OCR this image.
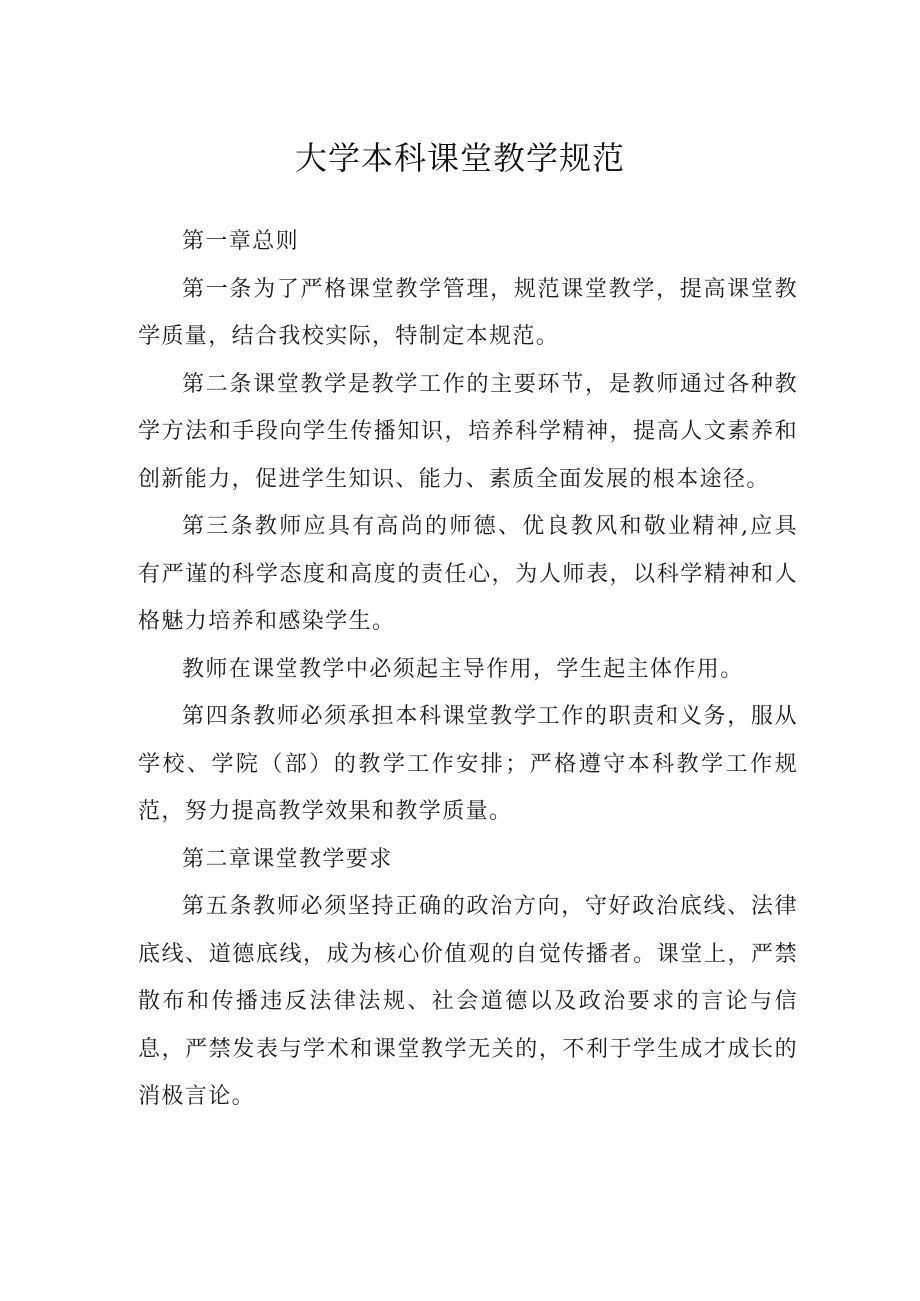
大学本科课堂教学规范

第一章总则

第一条为了严格课堂教学管理，规范课堂教学，提高课堂教学质量，结合我校实际，特制定本规范。

第二条课堂教学是教学工作的主要环节，是教师通过各种教学方法和手段向学生传播知识，培养科学精神，提高人文素养和创新能力，促进学生知识、能力、素质全面发展的根本途径。

第三条教师应具有高尚的师德、优良教风和敬业精神,应具有严谨的科学态度和高度的责任心，为人师表，以科学精神和人格魅力培养和感染学生。

教师在课堂教学中必须起主导作用，学生起主体作用。

第四条教师必须承担本科课堂教学工作的职责和义务，服从学校、学院（部）的教学工作安排；严格遵守本科教学工作规范，努力提高教学效果和教学质量。

第二章课堂教学要求

第五条教师必须坚持正确的政治方向，守好政治底线、法律底线、道德底线，成为核心价值观的自觉传播者。课堂上，严禁散布和传播违反法律法规、社会道德以及政治要求的言论与信息，严禁发表与学术和课堂教学无关的，不利于学生成才成长的消极言论。
